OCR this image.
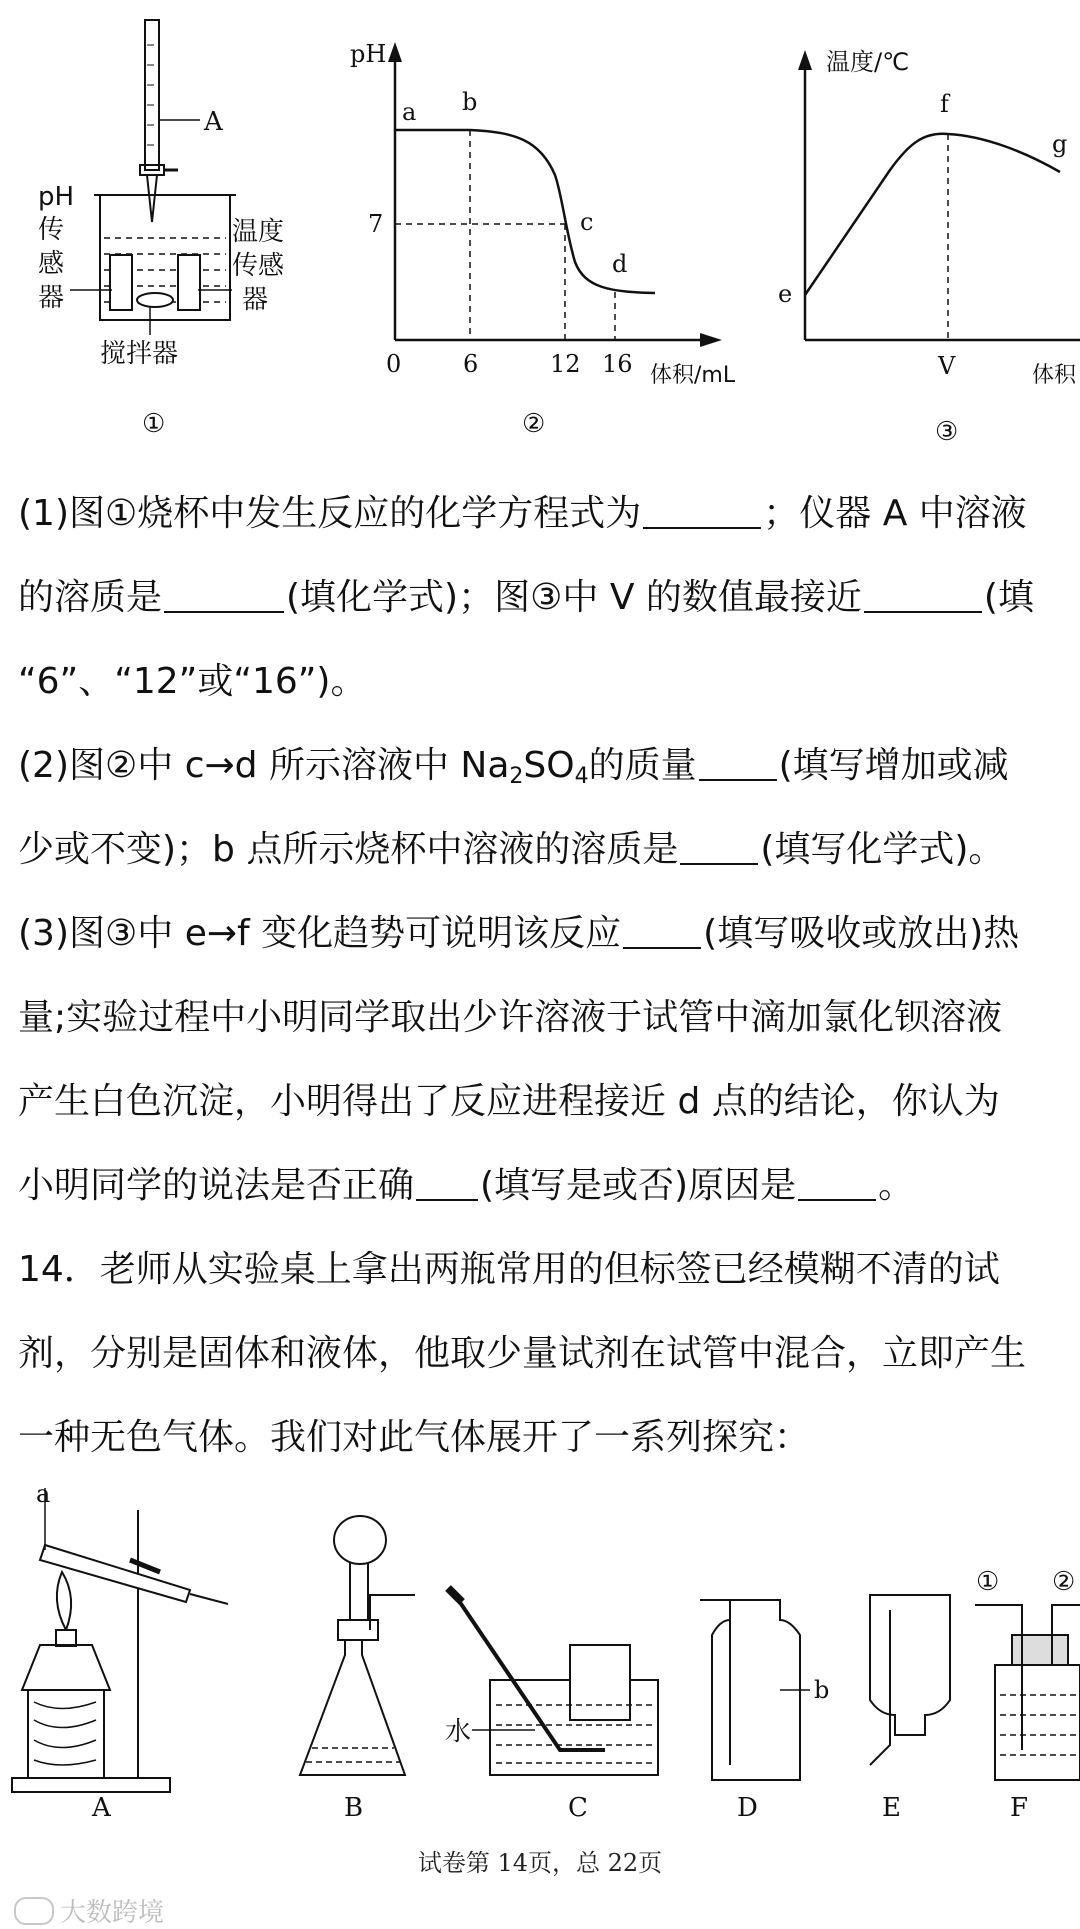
A
pH
传
感
器
温度
传感
器
搅拌器
①
pH
a b
c
d
7
0	6	12 16 体积/mL
②
温度/℃
e
f
g
V	体积
③

(1)图①烧杯中发生反应的化学方程式为	；仪器 A 中溶液

的溶质是	(填化学式)；图③中 V 的数值最接近	(填

“6”、“12”或“16”)。

(2)图②中 c→d 所示溶液中 $Na_2SO_4$的质量 (填写增加或减

少或不变)；b 点所示烧杯中溶液的溶质是 (填写化学式)。

(3)图③中 e→f 变化趋势可说明该反应 (填写吸收或放出)热

量;实验过程中小明同学取出少许溶液于试管中滴加氯化钡溶液

产生白色沉淀，小明得出了反应进程接近 d 点的结论，你认为

小明同学的说法是否正确 (填写是或否)原因是 。

14．老师从实验桌上拿出两瓶常用的但标签已经模糊不清的试

剂，分别是固体和液体，他取少量试剂在试管中混合，立即产生

一种无色气体。我们对此气体展开了一系列探究：

a
水
b
① ②
A	B	C	D	E	F
试卷第 14页，总 22页
大数跨境
